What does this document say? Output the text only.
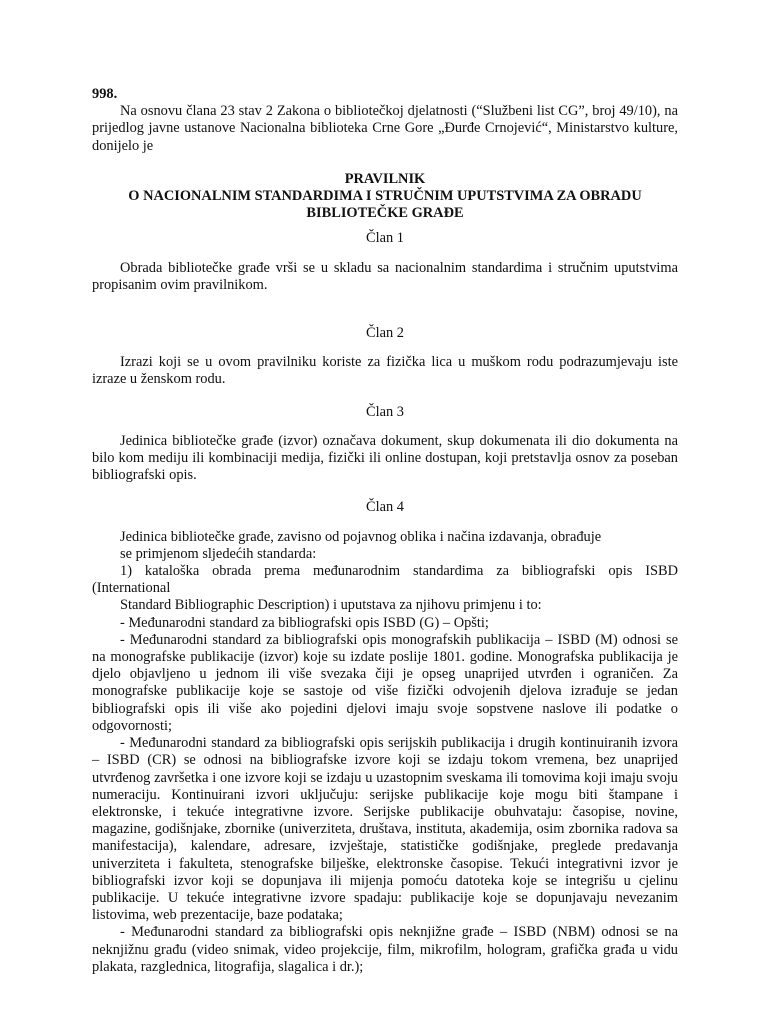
998.

Na osnovu člana 23 stav 2 Zakona o bibliotečkoj djelatnosti (“Službeni list CG”, broj 49/10), na prijedlog javne ustanove Nacionalna biblioteka Crne Gore „Đurđe Crnojević“, Ministarstvo kulture, donijelo je

PRAVILNIK
O NACIONALNIM STANDARDIMA I STRUČNIM UPUTSTVIMA ZA OBRADU
BIBLIOTEČKE GRAĐE

Član 1

Obrada bibliotečke građe vrši se u skladu sa nacionalnim standardima i stručnim uputstvima propisanim ovim pravilnikom.

Član 2

Izrazi koji se u ovom pravilniku koriste za fizička lica u muškom rodu podrazumjevaju iste izraze u ženskom rodu.

Član 3

Jedinica bibliotečke građe (izvor) označava dokument, skup dokumenata ili dio dokumenta na bilo kom mediju ili kombinaciji medija, fizički ili online dostupan, koji pretstavlja osnov za poseban bibliografski opis.

Član 4

Jedinica bibliotečke građe, zavisno od pojavnog oblika i načina izdavanja, obrađuje
se primjenom sljedećih standarda:
1) kataloška obrada prema međunarodnim standardima za bibliografski opis ISBD
(International
Standard Bibliographic Description) i uputstava za njihovu primjenu i to:
- Međunarodni standard za bibliografski opis ISBD (G) – Opšti;

- Međunarodni standard za bibliografski opis monografskih publikacija – ISBD (M) odnosi se na monografske publikacije (izvor) koje su izdate poslije 1801. godine. Monografska publikacija je djelo objavljeno u jednom ili više svezaka čiji je opseg unaprijed utvrđen i ograničen. Za monografske publikacije koje se sastoje od više fizički odvojenih djelova izrađuje se jedan bibliografski opis ili više ako pojedini djelovi imaju svoje sopstvene naslove ili podatke o odgovornosti;

- Međunarodni standard za bibliografski opis serijskih publikacija i drugih kontinuiranih izvora – ISBD (CR) se odnosi na bibliografske izvore koji se izdaju tokom vremena, bez unaprijed utvrđenog završetka i one izvore koji se izdaju u uzastopnim sveskama ili tomovima koji imaju svoju numeraciju. Kontinuirani izvori uključuju: serijske publikacije koje mogu biti štampane i elektronske, i tekuće integrativne izvore. Serijske publikacije obuhvataju: časopise, novine, magazine, godišnjake, zbornike (univerziteta, društava, instituta, akademija, osim zbornika radova sa manifestacija), kalendare, adresare, izvještaje, statističke godišnjake, preglede predavanja univerziteta i fakulteta, stenografske bilješke, elektronske časopise. Tekući integrativni izvor je bibliografski izvor koji se dopunjava ili mijenja pomoću datoteka koje se integrišu u cjelinu publikacije. U tekuće integrativne izvore spadaju: publikacije koje se dopunjavaju nevezanim listovima, web prezentacije, baze podataka;

- Međunarodni standard za bibliografski opis neknjižne građe – ISBD (NBM) odnosi se na neknjižnu građu (video snimak, video projekcije, film, mikrofilm, hologram, grafička građa u vidu plakata, razglednica, litografija, slagalica i dr.);
